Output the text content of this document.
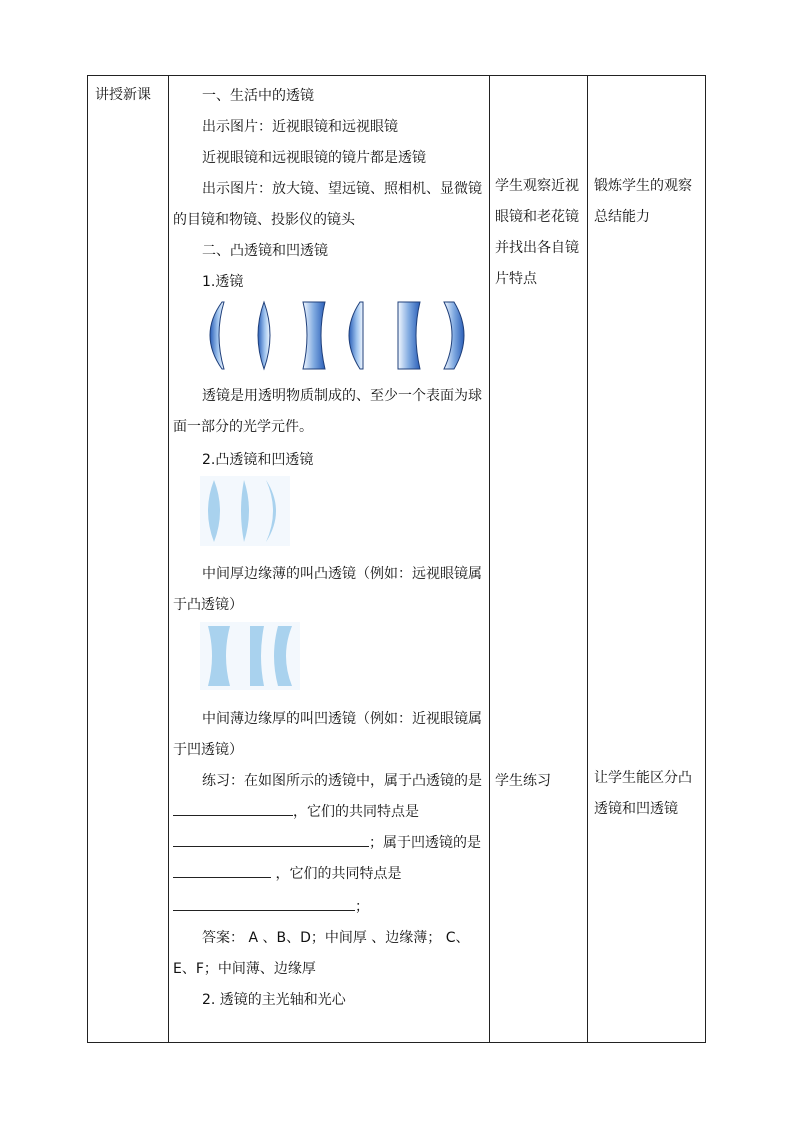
讲授新课	一、生活中的透镜
出示图片：近视眼镜和远视眼镜
近视眼镜和远视眼镜的镜片都是透镜
出示图片：放大镜、望远镜、照相机、显微镜
的目镜和物镜、投影仪的镜头
二、凸透镜和凹透镜
1.透镜
透镜是用透明物质制成的、至少一个表面为球
面一部分的光学元件。
2.凸透镜和凹透镜
中间厚边缘薄的叫凸透镜（例如：远视眼镜属
于凸透镜）
中间薄边缘厚的叫凹透镜（例如：近视眼镜属
于凹透镜）
练习：在如图所示的透镜中，属于凸透镜的是
，它们的共同特点是
；属于凹透镜的是
，它们的共同特点是
；
答案： A 、B、D；中间厚 、边缘薄； C、
E、F；中间薄、边缘厚
2. 透镜的主光轴和光心
学生观察近视
眼镜和老花镜
并找出各自镜
片特点
学生练习
锻炼学生的观察
总结能力
让学生能区分凸
透镜和凹透镜
